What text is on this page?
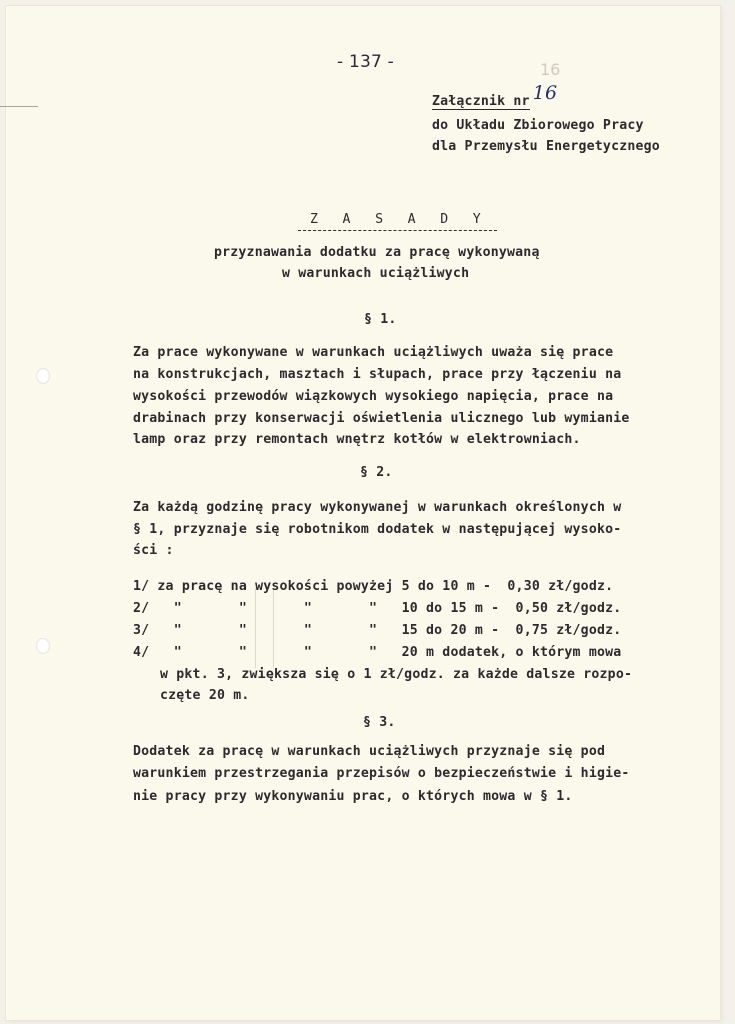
- 137 -	16
Załącznik nr 16
do Układu Zbiorowego Pracy
dla Przemysłu Energetycznego
Z   A   S   A   D   Y
przyznawania dodatku za pracę wykonywaną
w warunkach uciążliwych
§ 1.
Za prace wykonywane w warunkach uciążliwych uważa się prace
na konstrukcjach, masztach i słupach, prace przy łączeniu na
wysokości przewodów wiązkowych wysokiego napięcia, prace na
drabinach przy konserwacji oświetlenia ulicznego lub wymianie
lamp oraz przy remontach wnętrz kotłów w elektrowniach.
§ 2.
Za każdą godzinę pracy wykonywanej w warunkach określonych w
§ 1, przyznaje się robotnikom dodatek w następującej wysoko-
ści :
1/ za pracę na wysokości powyżej 5 do 10 m -  0,30 zł/godz.
2/   "       "       "       "   10 do 15 m -  0,50 zł/godz.
3/   "       "       "       "   15 do 20 m -  0,75 zł/godz.
4/   "       "       "       "   20 m dodatek, o którym mowa
w pkt. 3, zwiększa się o 1 zł/godz. za każde dalsze rozpo-
częte 20 m.
§ 3.
Dodatek za pracę w warunkach uciążliwych przyznaje się pod
warunkiem przestrzegania przepisów o bezpieczeństwie i higie-
nie pracy przy wykonywaniu prac, o których mowa w § 1.
